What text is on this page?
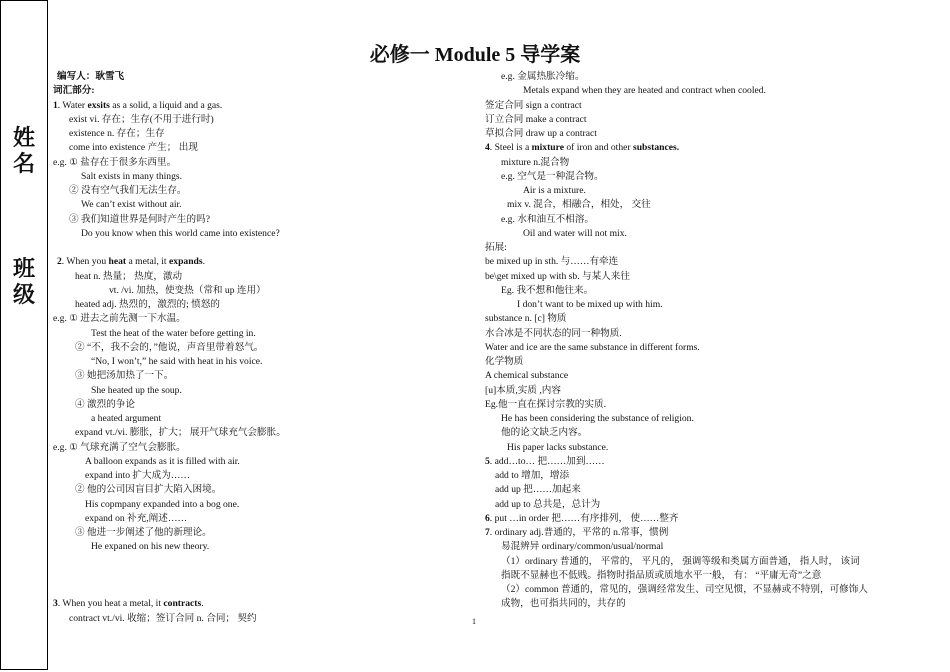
姓
名
班
级
必修一 Module 5 导学案
编写人：耿雪飞
词汇部分:
1. Water exsits as a solid, a liquid and a gas.
exist vi. 存在；生存(不用于进行时)
existence n. 存在；生存
come into existence 产生； 出现
e.g. ① 盐存在于很多东西里。
Salt exists in many things.
② 没有空气我们无法生存。
We can’t exist without air.
③ 我们知道世界是何时产生的吗?
Do you know when this world came into existence?
2. When you heat a metal, it expands.
heat n. 热量； 热度，激动
vt. /vi. 加热，使变热（常和 up 连用）
heated adj. 热烈的，激烈的; 愤怒的
e.g. ① 进去之前先测一下水温。
Test the heat of the water before getting in.
② “不，我不会的，”他说，声音里带着怒气。
“No, I won’t,” he said with heat in his voice.
③ 她把汤加热了一下。
She heated up the soup.
④ 激烈的争论
a heated argument
expand vt./vi. 膨胀，扩大； 展开气球充气会膨胀。
e.g. ① 气球充满了空气会膨胀。
A balloon expands as it is filled with air.
expand into 扩大成为……
② 他的公司因盲目扩大陷入困境。
His copmpany expanded into a bog one.
expand on 补充,阐述……
③ 他进一步阐述了他的新理论。
He expaned on his new theory.
3. When you heat a metal, it contracts.
contract vt./vi. 收缩；签订合同 n. 合同； 契约
e.g. 金属热胀冷缩。
Metals expand when they are heated and contract when cooled.
签定合同 sign a contract
订立合同 make a contract
草拟合同 draw up a contract
4. Steel is a mixture of iron and other substances.
mixture n.混合物
e.g. 空气是一种混合物。
Air is a mixture.
mix v. 混合，相融合，相处， 交往
e.g. 水和油互不相溶。
Oil and water will not mix.
拓展:
be mixed up in sth. 与……有牵连
be\get mixed up with sb. 与某人来往
Eg. 我不想和他往来。
I don’t want to be mixed up with him.
substance n. [c] 物质
水合冰是不同状态的同一种物质.
Water and ice are the same substance in different forms.
化学物质
A chemical substance
[u]本质,实质 ,内容
Eg.他一直在探讨宗教的实质.
He has been considering the substance of religion.
他的论文缺乏内容。
His paper lacks substance.
5. add…to… 把……加到……
add to 增加，增添
add up 把……加起来
add up to 总共是，总计为
6. put …in order 把……有序排列， 使……整齐
7. ordinary adj.普通的，平常的 n.常事，惯例
易混辨异 ordinary/common/usual/normal
（1）ordinary 普通的， 平常的， 平凡的， 强调等级和类属方面普通， 指人时， 该词
指既不显赫也不低贱。指物时指品质或质地水平一般， 有： “平庸无奇”之意
（2）common 普通的，常见的，强调经常发生、司空见惯，不显赫或不特别，可修饰人
成物，也可指共同的，共存的
1
